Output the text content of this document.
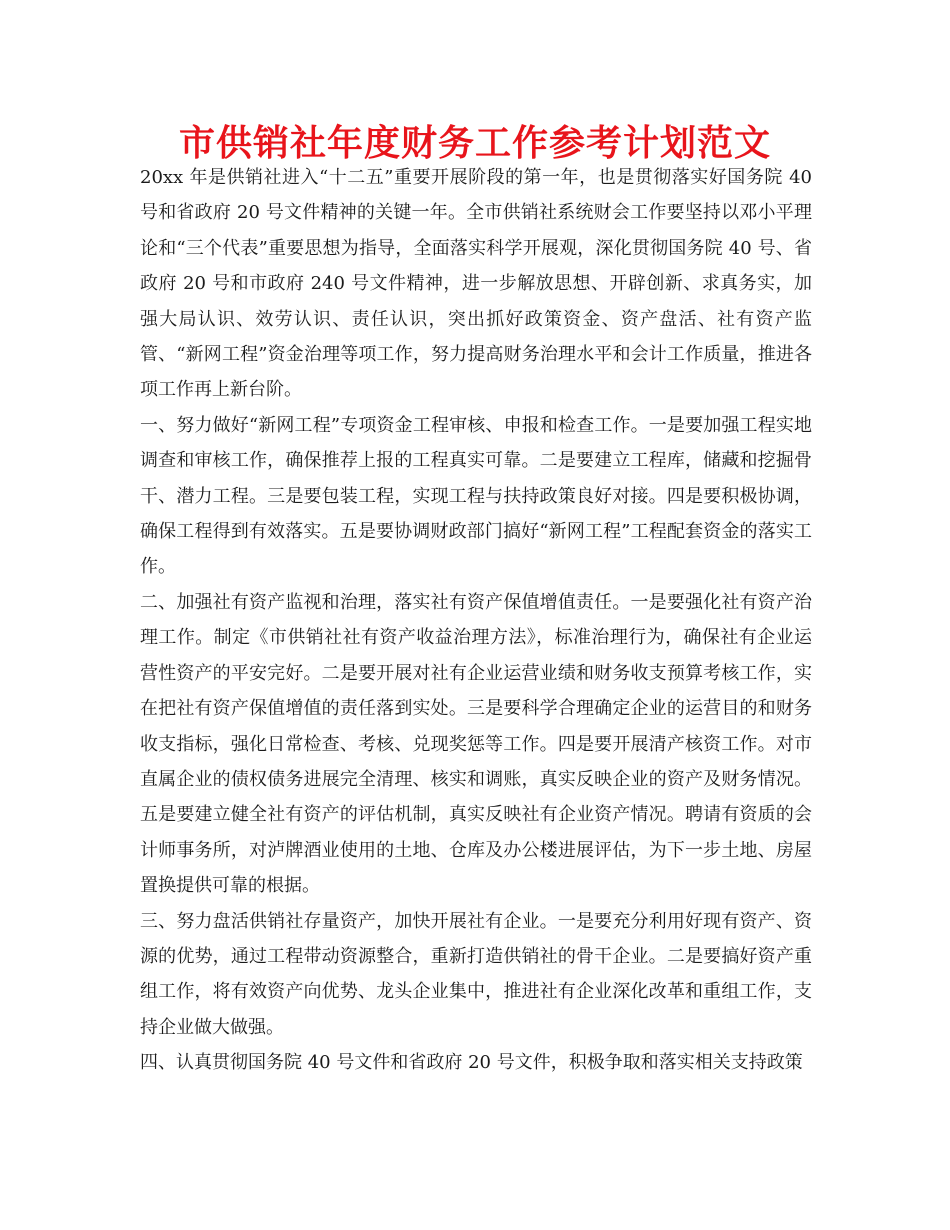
市供销社年度财务工作参考计划范文

20xx 年是供销社进入“十二五”重要开展阶段的第一年，也是贯彻落实好国务院 40 号和省政府 20 号文件精神的关键一年。全市供销社系统财会工作要坚持以邓小平理论和“三个代表”重要思想为指导，全面落实科学开展观，深化贯彻国务院 40 号、省政府 20 号和市政府 240 号文件精神，进一步解放思想、开辟创新、求真务实，加强大局认识、效劳认识、责任认识，突出抓好政策资金、资产盘活、社有资产监管、“新网工程”资金治理等项工作，努力提高财务治理水平和会计工作质量，推进各项工作再上新台阶。

一、努力做好“新网工程”专项资金工程审核、申报和检查工作。一是要加强工程实地调查和审核工作，确保推荐上报的工程真实可靠。二是要建立工程库，储藏和挖掘骨干、潜力工程。三是要包装工程，实现工程与扶持政策良好对接。四是要积极协调，确保工程得到有效落实。五是要协调财政部门搞好“新网工程”工程配套资金的落实工作。

二、加强社有资产监视和治理，落实社有资产保值增值责任。一是要强化社有资产治理工作。制定《市供销社社有资产收益治理方法》，标准治理行为，确保社有企业运营性资产的平安完好。二是要开展对社有企业运营业绩和财务收支预算考核工作，实在把社有资产保值增值的责任落到实处。三是要科学合理确定企业的运营目的和财务收支指标，强化日常检查、考核、兑现奖惩等工作。四是要开展清产核资工作。对市直属企业的债权债务进展完全清理、核实和调账，真实反映企业的资产及财务情况。五是要建立健全社有资产的评估机制，真实反映社有企业资产情况。聘请有资质的会计师事务所，对泸牌酒业使用的土地、仓库及办公楼进展评估，为下一步土地、房屋置换提供可靠的根据。

三、努力盘活供销社存量资产，加快开展社有企业。一是要充分利用好现有资产、资源的优势，通过工程带动资源整合，重新打造供销社的骨干企业。二是要搞好资产重组工作，将有效资产向优势、龙头企业集中，推进社有企业深化改革和重组工作，支持企业做大做强。

四、认真贯彻国务院 40 号文件和省政府 20 号文件，积极争取和落实相关支持政策
